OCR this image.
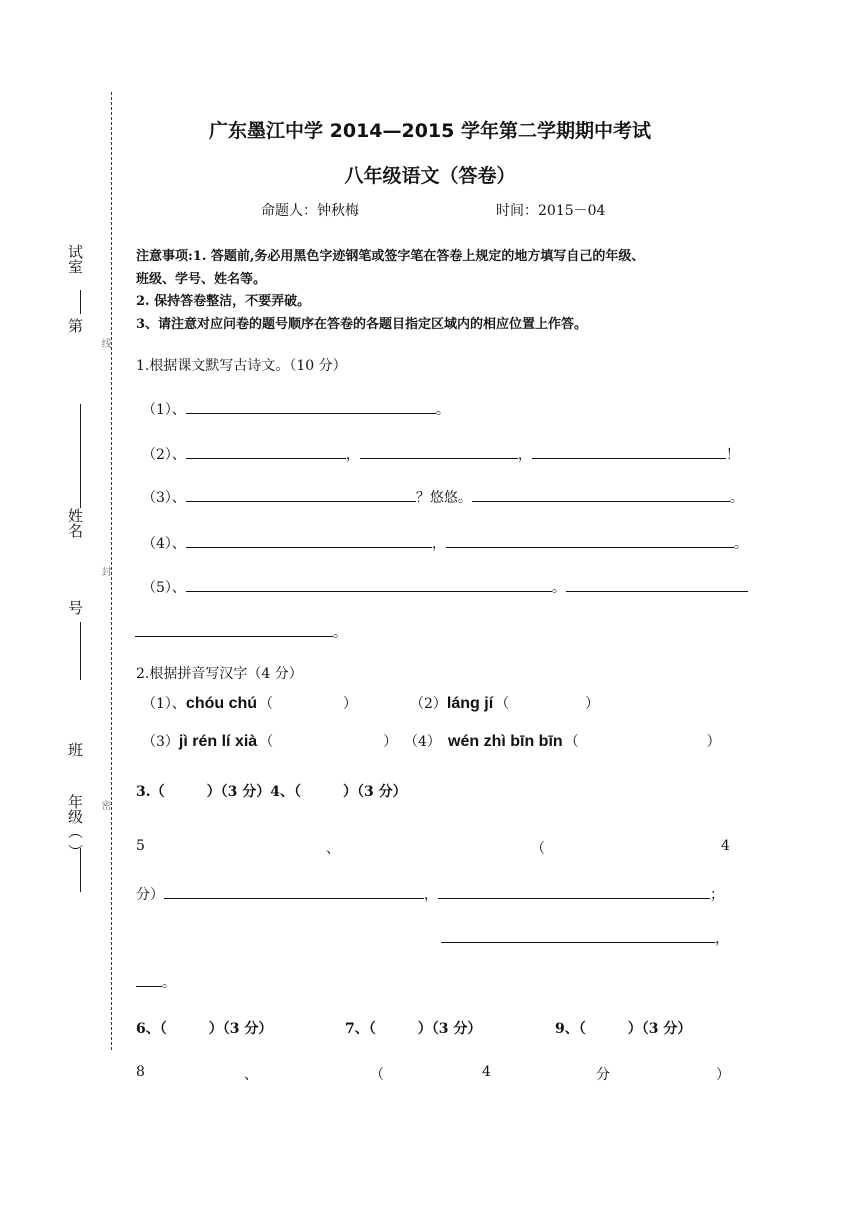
线
封
密
试室
第
姓名
号
班
年级（ ）
广东墨江中学 2014—2015 学年第二学期期中考试
八年级语文（答卷）
命题人：钟秋梅	时间：2015－04
注意事项:1. 答题前,务必用黑色字迹钢笔或签字笔在答卷上规定的地方填写自己的年级、
班级、学号、姓名等。
2. 保持答卷整洁，不要弄破。
3、请注意对应问卷的题号顺序在答卷的各题目指定区域内的相应位置上作答。
1.根据课文默写古诗文。（10 分）
（1）、	。
（2）、	，	，	！
（3）、	？悠悠。	。
（4）、	，	。
（5）、	。
。
2.根据拼音写汉字（4 分）
（1）、chóu chú （	）	（2）láng jí （	）
（3）jì rén lí xià （	） （4） wén zhì bīn bīn （	）
3.（　　　）（3 分）4、（　　　）（3 分）
5	、	（	4
分）	，	；
，
。
6、（　　　）（3 分）	7、（　　　）（3 分）	9、（　　　）（3 分）
8	、	（	4	分	）
